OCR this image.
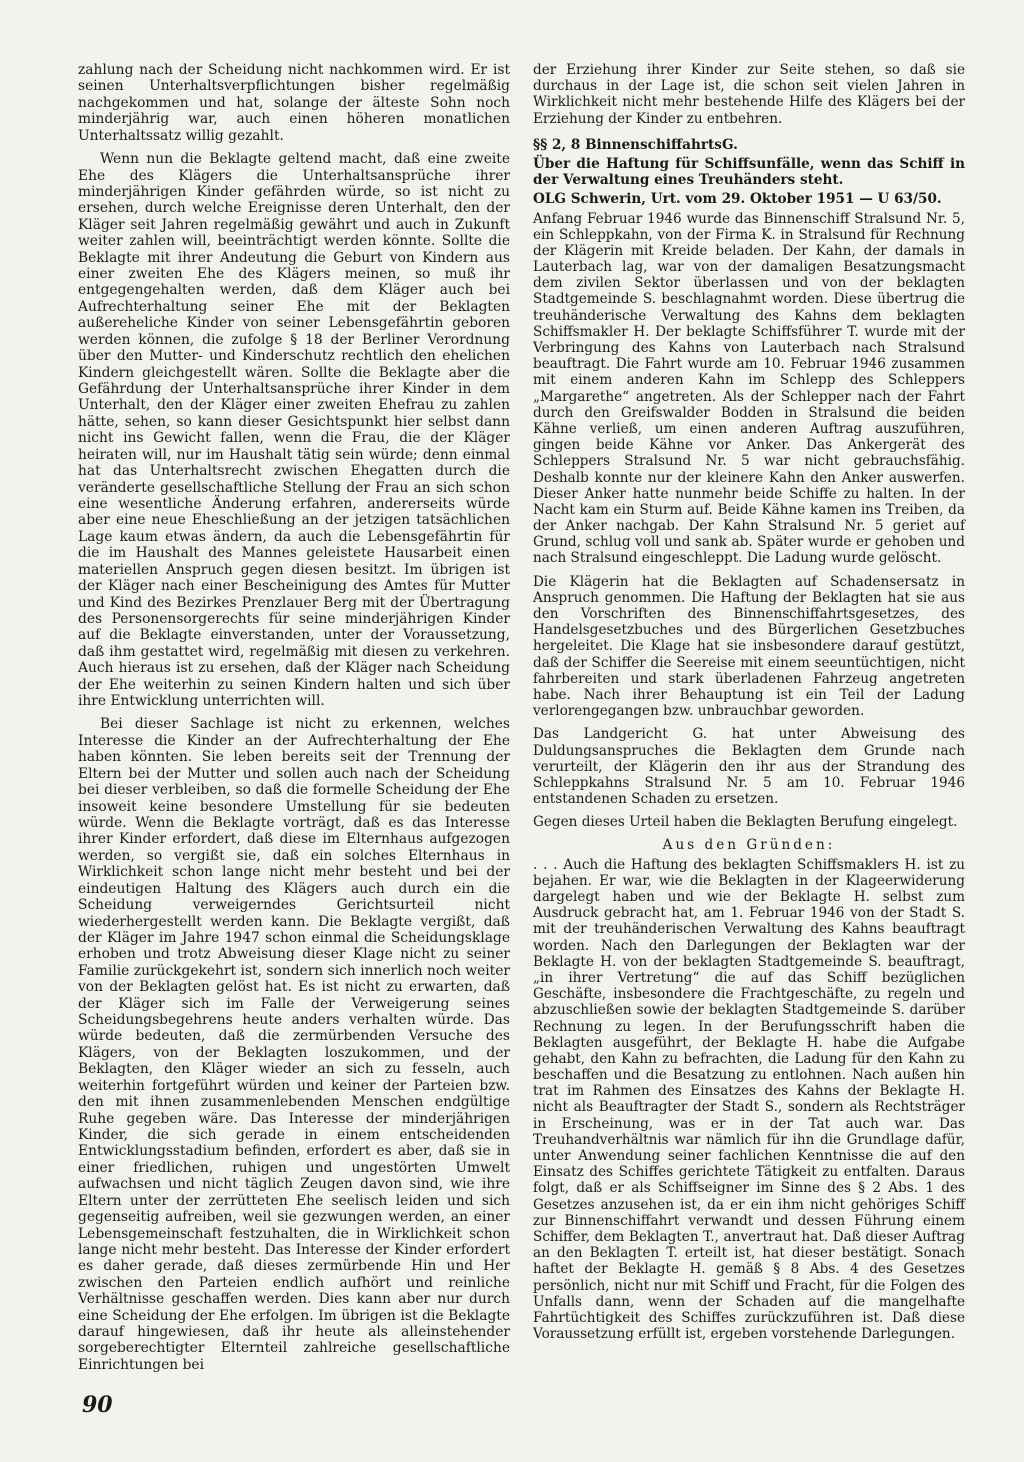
zahlung nach der Scheidung nicht nachkommen wird. Er ist seinen Unterhaltsverpflichtungen bisher regelmäßig nachgekommen und hat, solange der älteste Sohn noch minderjährig war, auch einen höheren monatlichen Unterhaltssatz willig gezahlt.

Wenn nun die Beklagte geltend macht, daß eine zweite Ehe des Klägers die Unterhaltsansprüche ihrer minderjährigen Kinder gefährden würde, so ist nicht zu ersehen, durch welche Ereignisse deren Unterhalt, den der Kläger seit Jahren regelmäßig gewährt und auch in Zukunft weiter zahlen will, beeinträchtigt werden könnte. Sollte die Beklagte mit ihrer Andeutung die Geburt von Kindern aus einer zweiten Ehe des Klägers meinen, so muß ihr entgegengehalten werden, daß dem Kläger auch bei Aufrechterhaltung seiner Ehe mit der Beklagten außereheliche Kinder von seiner Lebensgefährtin geboren werden können, die zufolge § 18 der Berliner Verordnung über den Mutter- und Kinderschutz rechtlich den ehelichen Kindern gleichgestellt wären. Sollte die Beklagte aber die Gefährdung der Unterhaltsansprüche ihrer Kinder in dem Unterhalt, den der Kläger einer zweiten Ehefrau zu zahlen hätte, sehen, so kann dieser Gesichtspunkt hier selbst dann nicht ins Gewicht fallen, wenn die Frau, die der Kläger heiraten will, nur im Haushalt tätig sein würde; denn einmal hat das Unterhaltsrecht zwischen Ehegatten durch die veränderte gesellschaftliche Stellung der Frau an sich schon eine wesentliche Änderung erfahren, andererseits würde aber eine neue Eheschließung an der jetzigen tatsächlichen Lage kaum etwas ändern, da auch die Lebensgefährtin für die im Haushalt des Mannes geleistete Hausarbeit einen materiellen Anspruch gegen diesen besitzt. Im übrigen ist der Kläger nach einer Bescheinigung des Amtes für Mutter und Kind des Bezirkes Prenzlauer Berg mit der Übertragung des Personensorgerechts für seine minderjährigen Kinder auf die Beklagte einverstanden, unter der Voraussetzung, daß ihm gestattet wird, regelmäßig mit diesen zu verkehren. Auch hieraus ist zu ersehen, daß der Kläger nach Scheidung der Ehe weiterhin zu seinen Kindern halten und sich über ihre Entwicklung unterrichten will.

Bei dieser Sachlage ist nicht zu erkennen, welches Interesse die Kinder an der Aufrechterhaltung der Ehe haben könnten. Sie leben bereits seit der Trennung der Eltern bei der Mutter und sollen auch nach der Scheidung bei dieser verbleiben, so daß die formelle Scheidung der Ehe insoweit keine besondere Umstellung für sie bedeuten würde. Wenn die Beklagte vorträgt, daß es das Interesse ihrer Kinder erfordert, daß diese im Elternhaus aufgezogen werden, so vergißt sie, daß ein solches Elternhaus in Wirklichkeit schon lange nicht mehr besteht und bei der eindeutigen Haltung des Klägers auch durch ein die Scheidung verweigerndes Gerichtsurteil nicht wiederhergestellt werden kann. Die Beklagte vergißt, daß der Kläger im Jahre 1947 schon einmal die Scheidungsklage erhoben und trotz Abweisung dieser Klage nicht zu seiner Familie zurückgekehrt ist, sondern sich innerlich noch weiter von der Beklagten gelöst hat. Es ist nicht zu erwarten, daß der Kläger sich im Falle der Verweigerung seines Scheidungsbegehrens heute anders verhalten würde. Das würde bedeuten, daß die zermürbenden Versuche des Klägers, von der Beklagten loszukommen, und der Beklagten, den Kläger wieder an sich zu fesseln, auch weiterhin fortgeführt würden und keiner der Parteien bzw. den mit ihnen zusammenlebenden Menschen endgültige Ruhe gegeben wäre. Das Interesse der minderjährigen Kinder, die sich gerade in einem entscheidenden Entwicklungsstadium befinden, erfordert es aber, daß sie in einer friedlichen, ruhigen und ungestörten Umwelt aufwachsen und nicht täglich Zeugen davon sind, wie ihre Eltern unter der zerrütteten Ehe seelisch leiden und sich gegenseitig aufreiben, weil sie gezwungen werden, an einer Lebensgemeinschaft festzuhalten, die in Wirklichkeit schon lange nicht mehr besteht. Das Interesse der Kinder erfordert es daher gerade, daß dieses zermürbende Hin und Her zwischen den Parteien endlich aufhört und reinliche Verhältnisse geschaffen werden. Dies kann aber nur durch eine Scheidung der Ehe erfolgen. Im übrigen ist die Beklagte darauf hingewiesen, daß ihr heute als alleinstehender sorgeberechtigter Elternteil zahlreiche gesellschaftliche Einrichtungen bei

der Erziehung ihrer Kinder zur Seite stehen, so daß sie durchaus in der Lage ist, die schon seit vielen Jahren in Wirklichkeit nicht mehr bestehende Hilfe des Klägers bei der Erziehung der Kinder zu entbehren.

§§ 2, 8 BinnenschiffahrtsG.
Über die Haftung für Schiffsunfälle, wenn das Schiff in der Verwaltung eines Treuhänders steht.
OLG Schwerin, Urt. vom 29. Oktober 1951 — U 63/50.

Anfang Februar 1946 wurde das Binnenschiff Stralsund Nr. 5, ein Schleppkahn, von der Firma K. in Stralsund für Rechnung der Klägerin mit Kreide beladen. Der Kahn, der damals in Lauterbach lag, war von der damaligen Besatzungsmacht dem zivilen Sektor überlassen und von der beklagten Stadtgemeinde S. beschlagnahmt worden. Diese übertrug die treuhänderische Verwaltung des Kahns dem beklagten Schiffsmakler H. Der beklagte Schiffsführer T. wurde mit der Verbringung des Kahns von Lauterbach nach Stralsund beauftragt. Die Fahrt wurde am 10. Februar 1946 zusammen mit einem anderen Kahn im Schlepp des Schleppers „Margarethe“ angetreten. Als der Schlepper nach der Fahrt durch den Greifswalder Bodden in Stralsund die beiden Kähne verließ, um einen anderen Auftrag auszuführen, gingen beide Kähne vor Anker. Das Ankergerät des Schleppers Stralsund Nr. 5 war nicht gebrauchsfähig. Deshalb konnte nur der kleinere Kahn den Anker auswerfen. Dieser Anker hatte nunmehr beide Schiffe zu halten. In der Nacht kam ein Sturm auf. Beide Kähne kamen ins Treiben, da der Anker nachgab. Der Kahn Stralsund Nr. 5 geriet auf Grund, schlug voll und sank ab. Später wurde er gehoben und nach Stralsund eingeschleppt. Die Ladung wurde gelöscht.

Die Klägerin hat die Beklagten auf Schadensersatz in Anspruch genommen. Die Haftung der Beklagten hat sie aus den Vorschriften des Binnenschiffahrtsgesetzes, des Handelsgesetzbuches und des Bürgerlichen Gesetzbuches hergeleitet. Die Klage hat sie insbesondere darauf gestützt, daß der Schiffer die Seereise mit einem seeuntüchtigen, nicht fahrbereiten und stark überladenen Fahrzeug angetreten habe. Nach ihrer Behauptung ist ein Teil der Ladung verlorengegangen bzw. unbrauchbar geworden.

Das Landgericht G. hat unter Abweisung des Duldungsanspruches die Beklagten dem Grunde nach verurteilt, der Klägerin den ihr aus der Strandung des Schleppkahns Stralsund Nr. 5 am 10. Februar 1946 entstandenen Schaden zu ersetzen.

Gegen dieses Urteil haben die Beklagten Berufung eingelegt.

Aus den Gründen:

. . . Auch die Haftung des beklagten Schiffsmaklers H. ist zu bejahen. Er war, wie die Beklagten in der Klageerwiderung dargelegt haben und wie der Beklagte H. selbst zum Ausdruck gebracht hat, am 1. Februar 1946 von der Stadt S. mit der treuhänderischen Verwaltung des Kahns beauftragt worden. Nach den Darlegungen der Beklagten war der Beklagte H. von der beklagten Stadtgemeinde S. beauftragt, „in ihrer Vertretung“ die auf das Schiff bezüglichen Geschäfte, insbesondere die Frachtgeschäfte, zu regeln und abzuschließen sowie der beklagten Stadtgemeinde S. darüber Rechnung zu legen. In der Berufungsschrift haben die Beklagten ausgeführt, der Beklagte H. habe die Aufgabe gehabt, den Kahn zu befrachten, die Ladung für den Kahn zu beschaffen und die Besatzung zu entlohnen. Nach außen hin trat im Rahmen des Einsatzes des Kahns der Beklagte H. nicht als Beauftragter der Stadt S., sondern als Rechtsträger in Erscheinung, was er in der Tat auch war. Das Treuhandverhältnis war nämlich für ihn die Grundlage dafür, unter Anwendung seiner fachlichen Kenntnisse die auf den Einsatz des Schiffes gerichtete Tätigkeit zu entfalten. Daraus folgt, daß er als Schiffseigner im Sinne des § 2 Abs. 1 des Gesetzes anzusehen ist, da er ein ihm nicht gehöriges Schiff zur Binnenschiffahrt verwandt und dessen Führung einem Schiffer, dem Beklagten T., anvertraut hat. Daß dieser Auftrag an den Beklagten T. erteilt ist, hat dieser bestätigt. Sonach haftet der Beklagte H. gemäß § 8 Abs. 4 des Gesetzes persönlich, nicht nur mit Schiff und Fracht, für die Folgen des Unfalls dann, wenn der Schaden auf die mangelhafte Fahrtüchtigkeit des Schiffes zurückzuführen ist. Daß diese Voraussetzung erfüllt ist, ergeben vorstehende Darlegungen.

90
